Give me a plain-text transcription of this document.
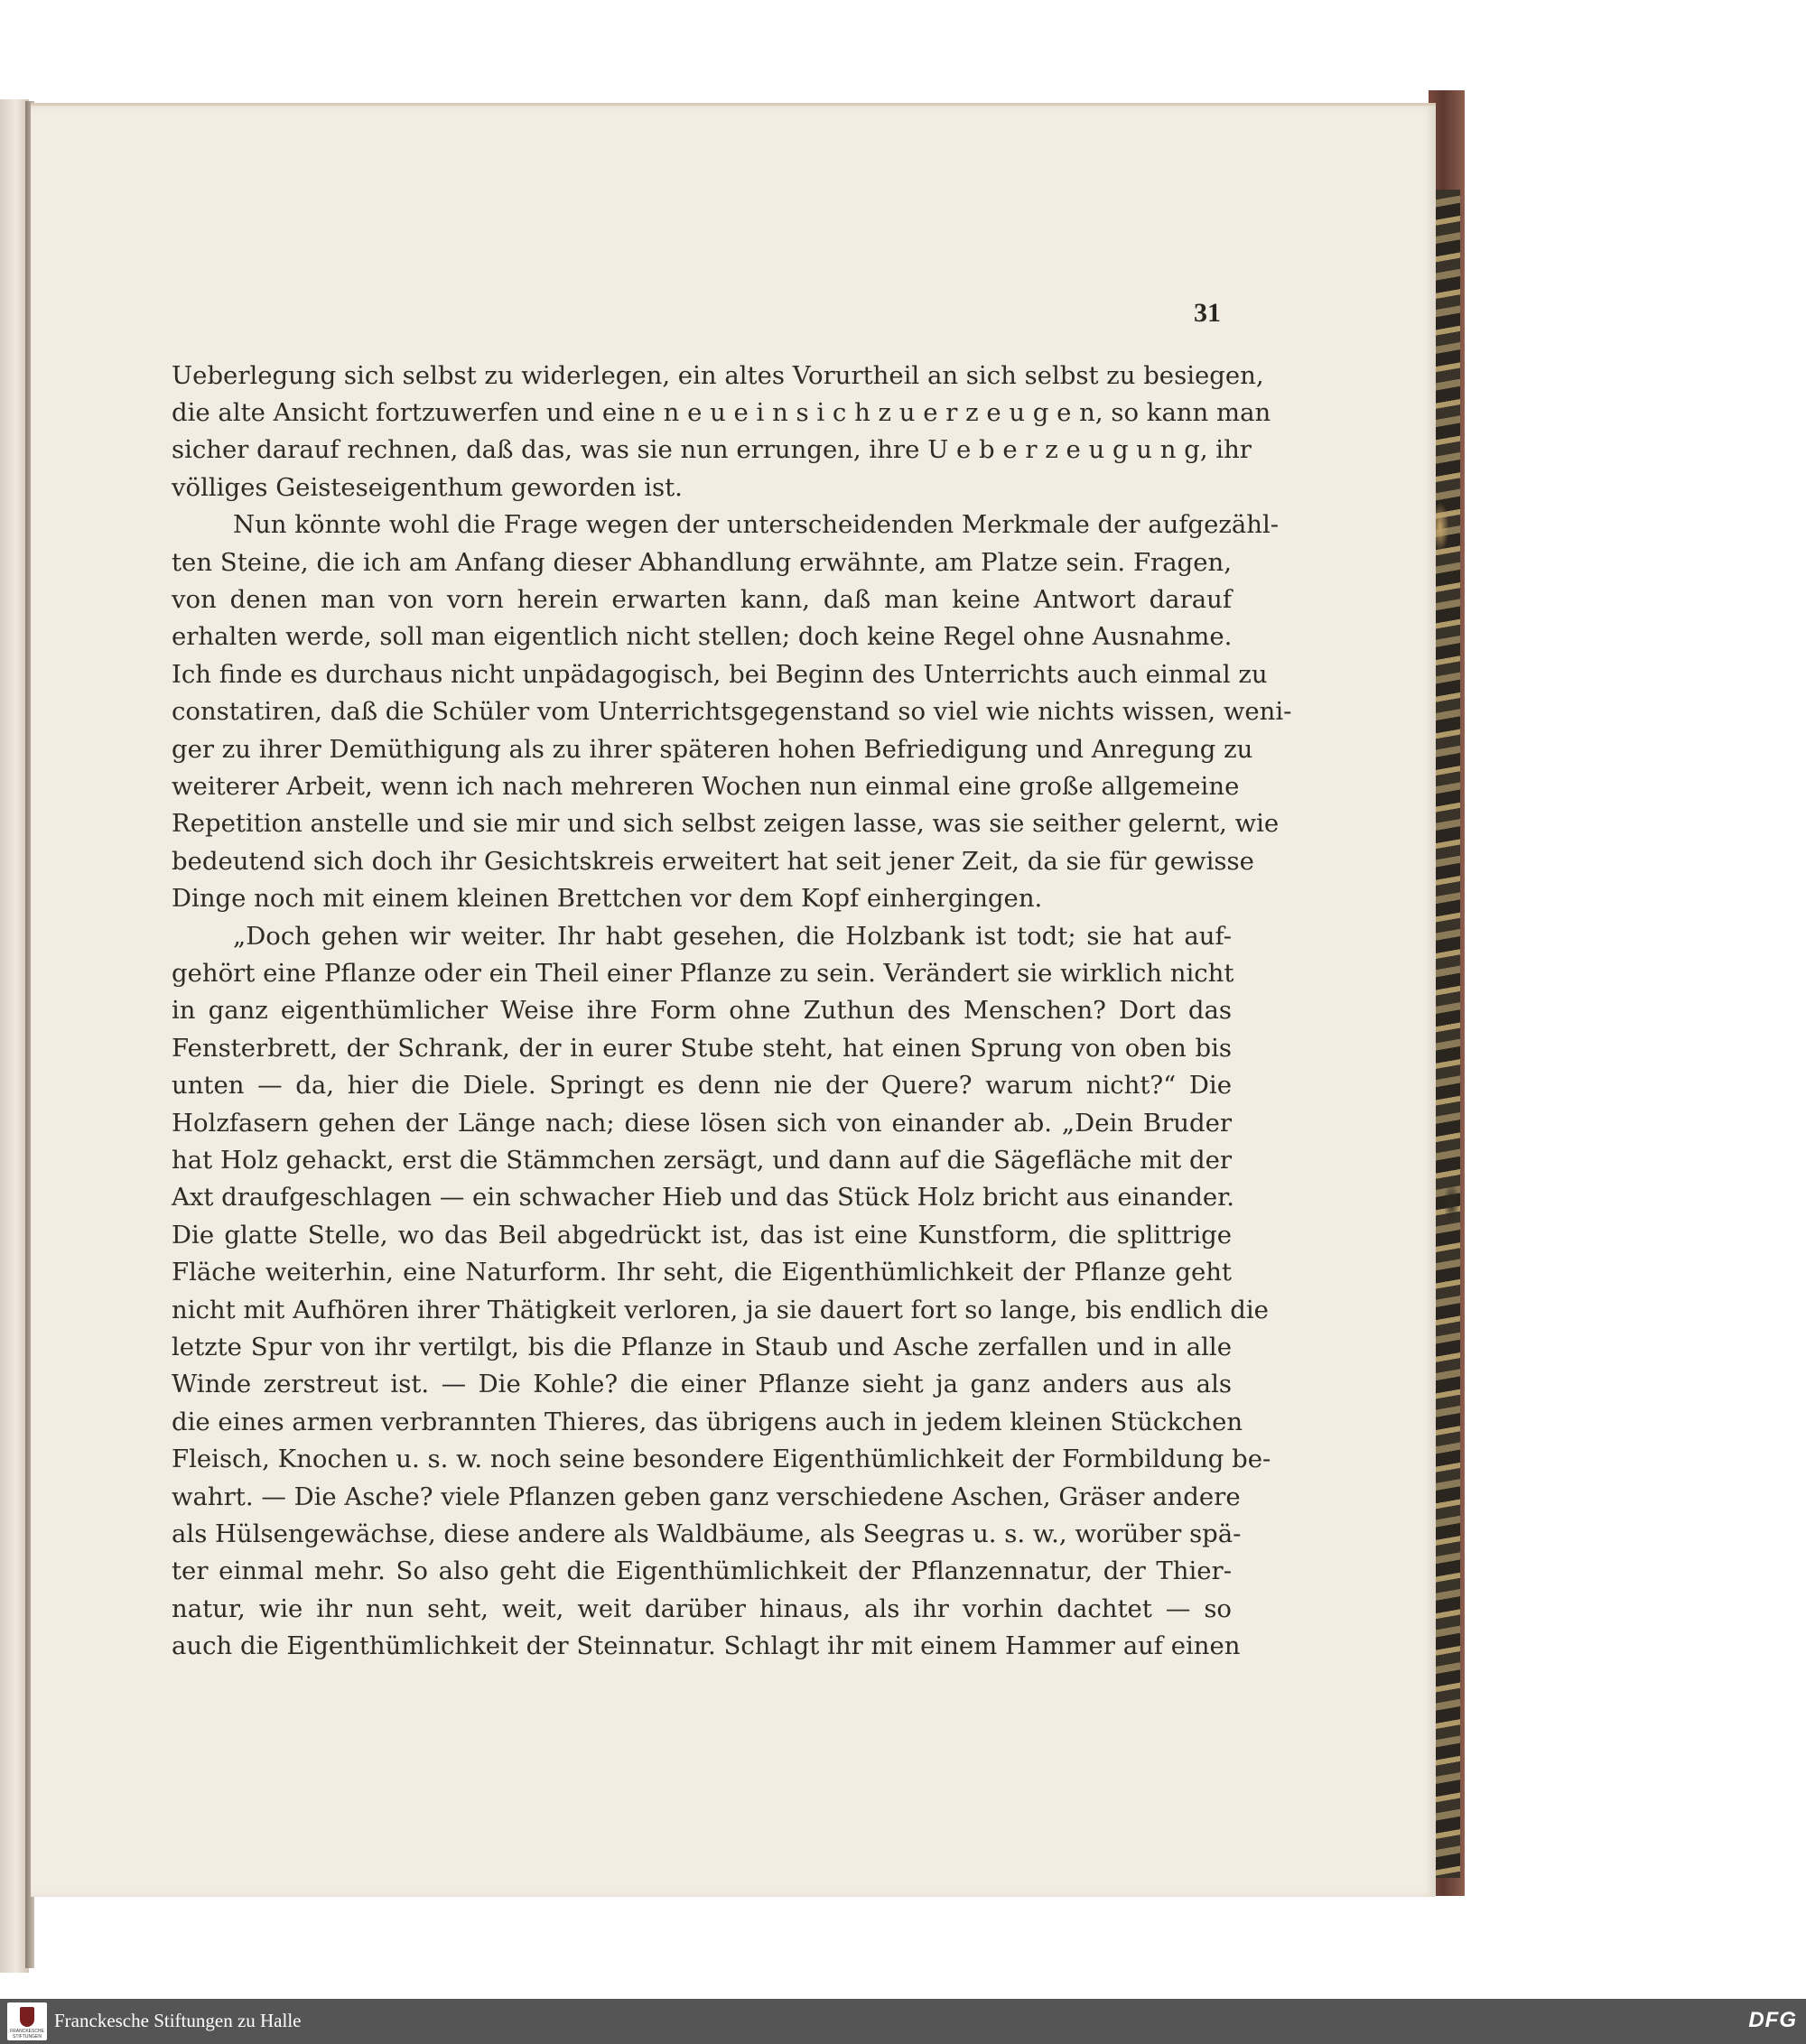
31
Ueberlegung sich selbst zu widerlegen, ein altes Vorurtheil an sich selbst zu besiegen,
die alte Ansicht fortzuwerfen und eine n e u e i n s i c h z u e r z e u g e n, so kann man
sicher darauf rechnen, daß das, was sie nun errungen, ihre U e b e r z e u g u n g, ihr
völliges Geisteseigenthum geworden ist.
Nun könnte wohl die Frage wegen der unterscheidenden Merkmale der aufgezähl-
ten Steine, die ich am Anfang dieser Abhandlung erwähnte, am Platze sein. Fragen,
von denen man von vorn herein erwarten kann, daß man keine Antwort darauf
erhalten werde, soll man eigentlich nicht stellen; doch keine Regel ohne Ausnahme.
Ich finde es durchaus nicht unpädagogisch, bei Beginn des Unterrichts auch einmal zu
constatiren, daß die Schüler vom Unterrichtsgegenstand so viel wie nichts wissen, weni-
ger zu ihrer Demüthigung als zu ihrer späteren hohen Befriedigung und Anregung zu
weiterer Arbeit, wenn ich nach mehreren Wochen nun einmal eine große allgemeine
Repetition anstelle und sie mir und sich selbst zeigen lasse, was sie seither gelernt, wie
bedeutend sich doch ihr Gesichtskreis erweitert hat seit jener Zeit, da sie für gewisse
Dinge noch mit einem kleinen Brettchen vor dem Kopf einhergingen.
„Doch gehen wir weiter. Ihr habt gesehen, die Holzbank ist todt; sie hat auf-
gehört eine Pflanze oder ein Theil einer Pflanze zu sein. Verändert sie wirklich nicht
in ganz eigenthümlicher Weise ihre Form ohne Zuthun des Menschen? Dort das
Fensterbrett, der Schrank, der in eurer Stube steht, hat einen Sprung von oben bis
unten — da, hier die Diele. Springt es denn nie der Quere? warum nicht?“ Die
Holzfasern gehen der Länge nach; diese lösen sich von einander ab. „Dein Bruder
hat Holz gehackt, erst die Stämmchen zersägt, und dann auf die Sägefläche mit der
Axt draufgeschlagen — ein schwacher Hieb und das Stück Holz bricht aus einander.
Die glatte Stelle, wo das Beil abgedrückt ist, das ist eine Kunstform, die splittrige
Fläche weiterhin, eine Naturform. Ihr seht, die Eigenthümlichkeit der Pflanze geht
nicht mit Aufhören ihrer Thätigkeit verloren, ja sie dauert fort so lange, bis endlich die
letzte Spur von ihr vertilgt, bis die Pflanze in Staub und Asche zerfallen und in alle
Winde zerstreut ist. — Die Kohle? die einer Pflanze sieht ja ganz anders aus als
die eines armen verbrannten Thieres, das übrigens auch in jedem kleinen Stückchen
Fleisch, Knochen u. s. w. noch seine besondere Eigenthümlichkeit der Formbildung be-
wahrt. — Die Asche? viele Pflanzen geben ganz verschiedene Aschen, Gräser andere
als Hülsengewächse, diese andere als Waldbäume, als Seegras u. s. w., worüber spä-
ter einmal mehr. So also geht die Eigenthümlichkeit der Pflanzennatur, der Thier-
natur, wie ihr nun seht, weit, weit darüber hinaus, als ihr vorhin dachtet — so
auch die Eigenthümlichkeit der Steinnatur. Schlagt ihr mit einem Hammer auf einen
FRANCKESCHE STIFTUNGEN
Franckesche Stiftungen zu Halle	DFG
